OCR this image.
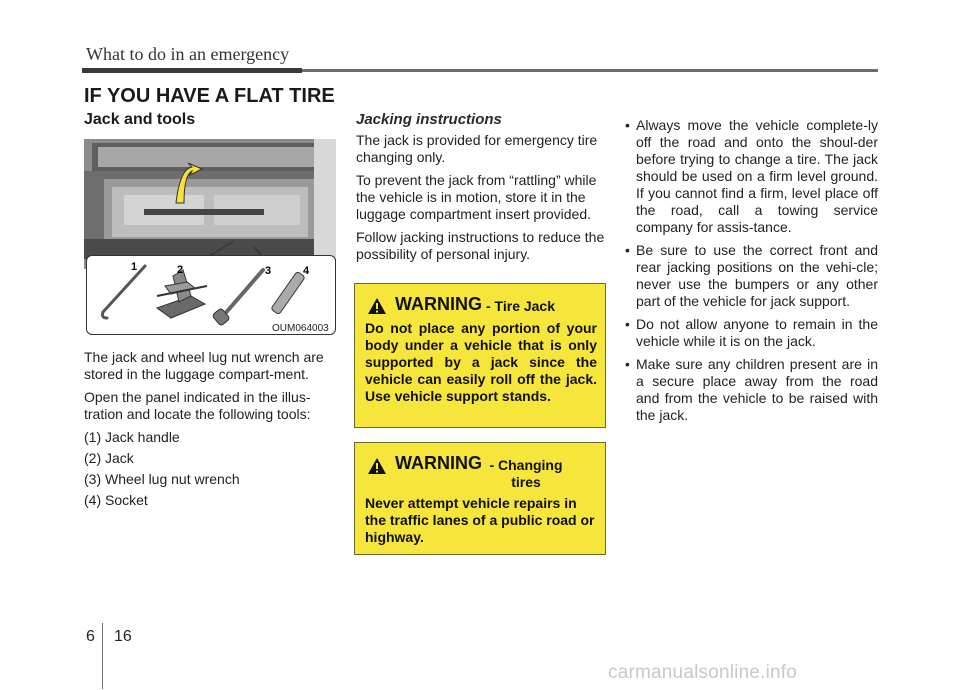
What to do in an emergency
IF YOU HAVE A FLAT TIRE
Jack and tools
1	2	3	4
OUM064003
The jack and wheel lug nut wrench are stored in the luggage compart-ment.
Open the panel indicated in the illus-tration and locate the following tools:
(1) Jack handle
(2) Jack
(3) Wheel lug nut wrench
(4) Socket
Jacking instructions
The jack is provided for emergency tire changing only.
To prevent the jack from “rattling” while the vehicle is in motion, store it in the luggage compartment insert provided.
Follow jacking instructions to reduce the possibility of personal injury.
WARNING - Tire Jack
Do not place any portion of your body under a vehicle that is only supported by a jack since the vehicle can easily roll off the jack. Use vehicle support stands.
WARNING - Changing tires
Never attempt vehicle repairs in the traffic lanes of a public road or highway.
• Always move the vehicle complete-ly off the road and onto the shoul-der before trying to change a tire. The jack should be used on a firm level ground. If you cannot find a firm, level place off the road, call a towing service company for assis-tance.
• Be sure to use the correct front and rear jacking positions on the vehi-cle; never use the bumpers or any other part of the vehicle for jack support.
• Do not allow anyone to remain in the vehicle while it is on the jack.
• Make sure any children present are in a secure place away from the road and from the vehicle to be raised with the jack.
6 16
carmanualsonline.info
